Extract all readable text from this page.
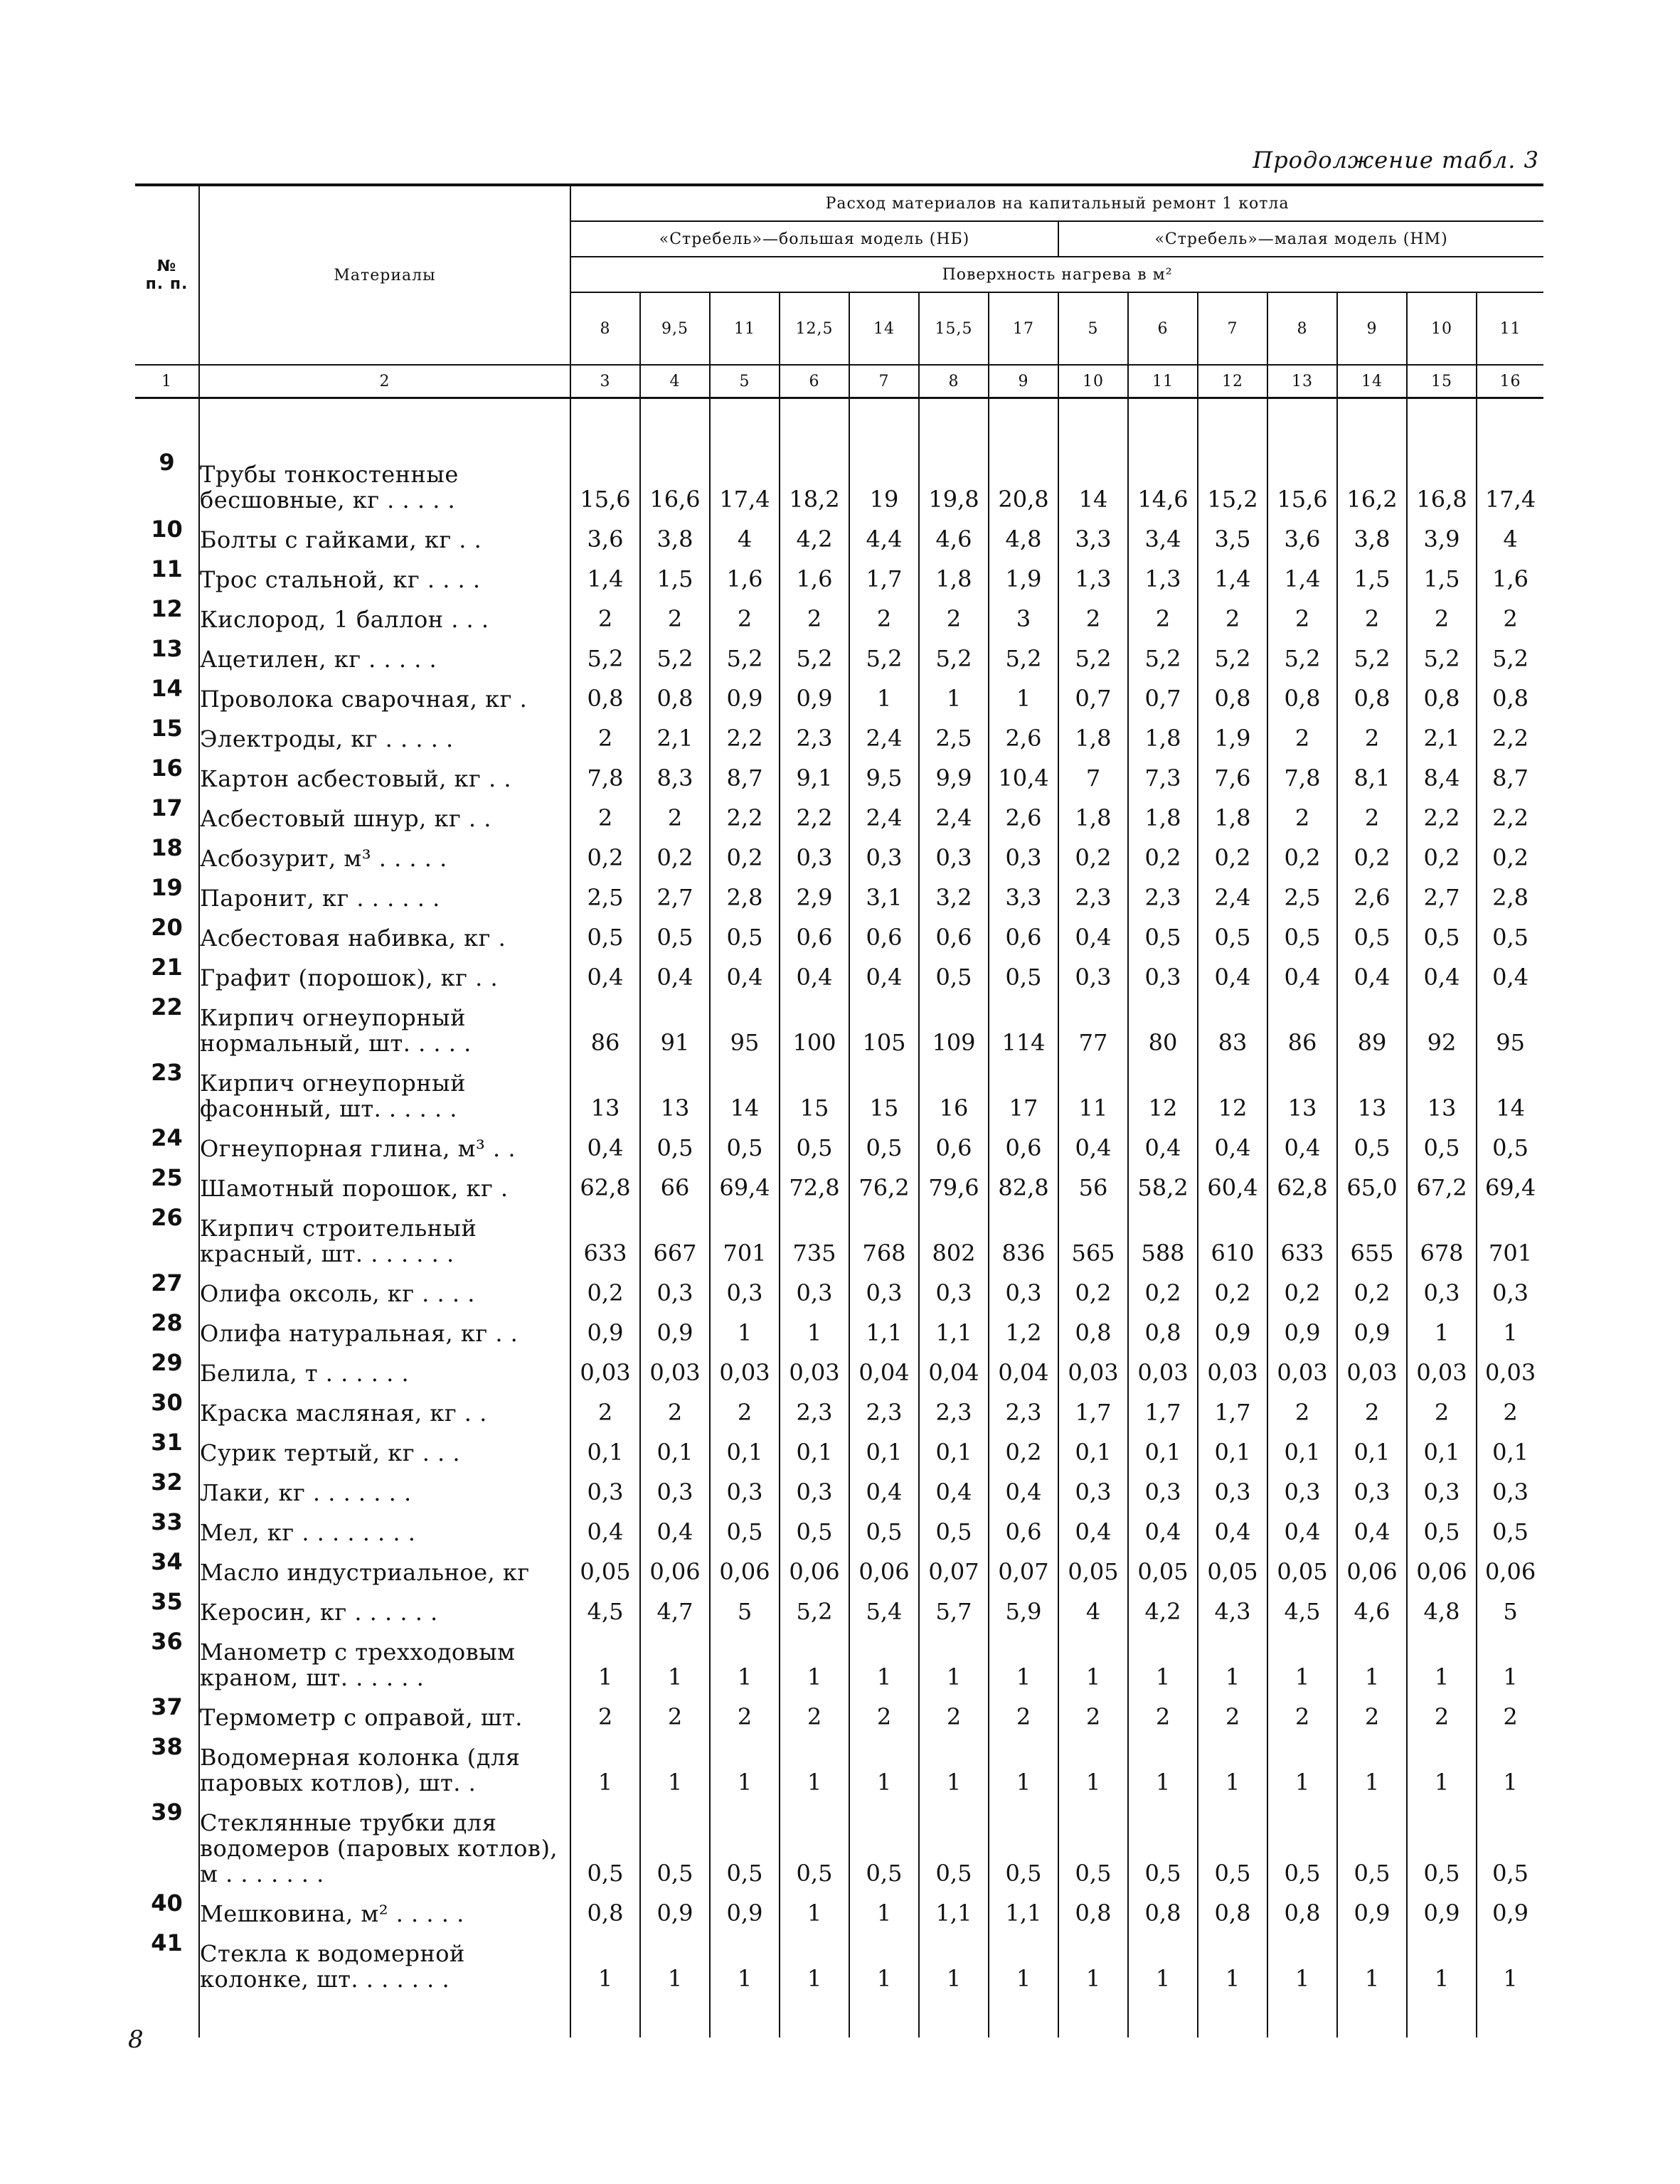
Продолжение табл. 3
№
п. п.	Материалы	Расход материалов на капитальный ремонт 1 котла													
		«Стребель»—большая модель (НБ)							«Стребель»—малая модель (НМ)						
		Поверхность нагрева в м²													
		8	9,5	11	12,5	14	15,5	17	5	6	7	8	9	10	11
1	2	3	4	5	6	7	8	9	10	11	12	13	14	15	16

9	Трубы тонкостенные бесшовные, кг . . . . .	15,6	16,6	17,4	18,2	19	19,8	20,8	14	14,6	15,2	15,6	16,2	16,8	17,4
10	Болты с гайками, кг . .	3,6	3,8	4	4,2	4,4	4,6	4,8	3,3	3,4	3,5	3,6	3,8	3,9	4
11	Трос стальной, кг . . . .	1,4	1,5	1,6	1,6	1,7	1,8	1,9	1,3	1,3	1,4	1,4	1,5	1,5	1,6
12	Кислород, 1 баллон . . .	2	2	2	2	2	2	3	2	2	2	2	2	2	2
13	Ацетилен, кг . . . . .	5,2	5,2	5,2	5,2	5,2	5,2	5,2	5,2	5,2	5,2	5,2	5,2	5,2	5,2
14	Проволока сварочная, кг .	0,8	0,8	0,9	0,9	1	1	1	0,7	0,7	0,8	0,8	0,8	0,8	0,8
15	Электроды, кг . . . . .	2	2,1	2,2	2,3	2,4	2,5	2,6	1,8	1,8	1,9	2	2	2,1	2,2
16	Картон асбестовый, кг . .	7,8	8,3	8,7	9,1	9,5	9,9	10,4	7	7,3	7,6	7,8	8,1	8,4	8,7
17	Асбестовый шнур, кг . .	2	2	2,2	2,2	2,4	2,4	2,6	1,8	1,8	1,8	2	2	2,2	2,2
18	Асбозурит, м³ . . . . .	0,2	0,2	0,2	0,3	0,3	0,3	0,3	0,2	0,2	0,2	0,2	0,2	0,2	0,2
19	Паронит, кг . . . . . .	2,5	2,7	2,8	2,9	3,1	3,2	3,3	2,3	2,3	2,4	2,5	2,6	2,7	2,8
20	Асбестовая набивка, кг .	0,5	0,5	0,5	0,6	0,6	0,6	0,6	0,4	0,5	0,5	0,5	0,5	0,5	0,5
21	Графит (порошок), кг . .	0,4	0,4	0,4	0,4	0,4	0,5	0,5	0,3	0,3	0,4	0,4	0,4	0,4	0,4
22	Кирпич огнеупорный нормальный, шт. . . . .	86	91	95	100	105	109	114	77	80	83	86	89	92	95
23	Кирпич огнеупорный фасонный, шт. . . . . .	13	13	14	15	15	16	17	11	12	12	13	13	13	14
24	Огнеупорная глина, м³ . .	0,4	0,5	0,5	0,5	0,5	0,6	0,6	0,4	0,4	0,4	0,4	0,5	0,5	0,5
25	Шамотный порошок, кг .	62,8	66	69,4	72,8	76,2	79,6	82,8	56	58,2	60,4	62,8	65,0	67,2	69,4
26	Кирпич строительный красный, шт. . . . . . .	633	667	701	735	768	802	836	565	588	610	633	655	678	701
27	Олифа оксоль, кг . . . .	0,2	0,3	0,3	0,3	0,3	0,3	0,3	0,2	0,2	0,2	0,2	0,2	0,3	0,3
28	Олифа натуральная, кг . .	0,9	0,9	1	1	1,1	1,1	1,2	0,8	0,8	0,9	0,9	0,9	1	1
29	Белила, т . . . . . .	0,03	0,03	0,03	0,03	0,04	0,04	0,04	0,03	0,03	0,03	0,03	0,03	0,03	0,03
30	Краска масляная, кг . .	2	2	2	2,3	2,3	2,3	2,3	1,7	1,7	1,7	2	2	2	2
31	Сурик тертый, кг . . .	0,1	0,1	0,1	0,1	0,1	0,1	0,2	0,1	0,1	0,1	0,1	0,1	0,1	0,1
32	Лаки, кг . . . . . . .	0,3	0,3	0,3	0,3	0,4	0,4	0,4	0,3	0,3	0,3	0,3	0,3	0,3	0,3
33	Мел, кг . . . . . . . .	0,4	0,4	0,5	0,5	0,5	0,5	0,6	0,4	0,4	0,4	0,4	0,4	0,5	0,5
34	Масло индустриальное, кг	0,05	0,06	0,06	0,06	0,06	0,07	0,07	0,05	0,05	0,05	0,05	0,06	0,06	0,06
35	Керосин, кг . . . . . .	4,5	4,7	5	5,2	5,4	5,7	5,9	4	4,2	4,3	4,5	4,6	4,8	5
36	Манометр с трехходовым краном, шт. . . . . .	1	1	1	1	1	1	1	1	1	1	1	1	1	1
37	Термометр с оправой, шт.	2	2	2	2	2	2	2	2	2	2	2	2	2	2
38	Водомерная колонка (для паровых котлов), шт. .	1	1	1	1	1	1	1	1	1	1	1	1	1	1
39	Стеклянные трубки для водомеров (паровых котлов), м . . . . . . .	0,5	0,5	0,5	0,5	0,5	0,5	0,5	0,5	0,5	0,5	0,5	0,5	0,5	0,5
40	Мешковина, м² . . . . .	0,8	0,9	0,9	1	1	1,1	1,1	0,8	0,8	0,8	0,8	0,9	0,9	0,9
41	Стекла к водомерной колонке, шт. . . . . . .	1	1	1	1	1	1	1	1	1	1	1	1	1	1

8
